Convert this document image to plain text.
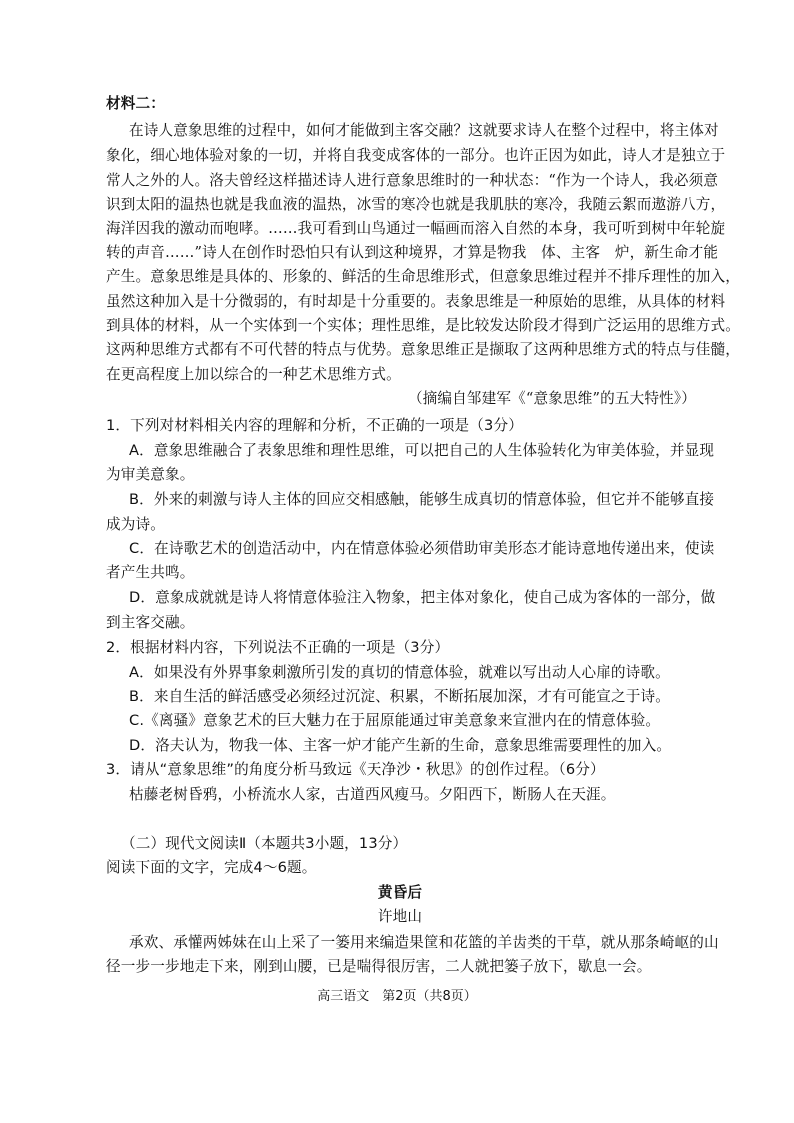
材料二：
在诗人意象思维的过程中，如何才能做到主客交融？这就要求诗人在整个过程中，将主体对
象化，细心地体验对象的一切，并将自我变成客体的一部分。也许正因为如此，诗人才是独立于
常人之外的人。洛夫曾经这样描述诗人进行意象思维时的一种状态：“作为一个诗人，我必须意
识到太阳的温热也就是我血液的温热，冰雪的寒冷也就是我肌肤的寒冷，我随云絮而遨游八方，
海洋因我的激动而咆哮。……我可看到山鸟通过一幅画而溶入自然的本身，我可听到树中年轮旋
转的声音……”诗人在创作时恐怕只有认到这种境界，才算是物我　体、主客　炉，新生命才能
产生。意象思维是具体的、形象的、鲜活的生命思维形式，但意象思维过程并不排斥理性的加入，
虽然这种加入是十分微弱的，有时却是十分重要的。表象思维是一种原始的思维，从具体的材料
到具体的材料，从一个实体到一个实体；理性思维，是比较发达阶段才得到广泛运用的思维方式。
这两种思维方式都有不可代替的特点与优势。意象思维正是撷取了这两种思维方式的特点与佳髓，
在更高程度上加以综合的一种艺术思维方式。
（摘编自邹建军《“意象思维”的五大特性》）
1．下列对材料相关内容的理解和分析，不正确的一项是（3分）
A．意象思维融合了表象思维和理性思维，可以把自己的人生体验转化为审美体验，并显现
为审美意象。
B．外来的刺激与诗人主体的回应交相感触，能够生成真切的情意体验，但它并不能够直接
成为诗。
C．在诗歌艺术的创造活动中，内在情意体验必须借助审美形态才能诗意地传递出来，使读
者产生共鸣。
D．意象成就就是诗人将情意体验注入物象，把主体对象化，使自己成为客体的一部分，做
到主客交融。
2．根据材料内容，下列说法不正确的一项是（3分）
A．如果没有外界事象刺激所引发的真切的情意体验，就难以写出动人心扉的诗歌。
B．来自生活的鲜活感受必须经过沉淀、积累，不断拓展加深，才有可能宣之于诗。
C.《离骚》意象艺术的巨大魅力在于屈原能通过审美意象来宣泄内在的情意体验。
D．洛夫认为，物我一体、主客一炉才能产生新的生命，意象思维需要理性的加入。
3．请从“意象思维”的角度分析马致远《天净沙・秋思》的创作过程。（6分）
枯藤老树昏鸦，小桥流水人家，古道西风瘦马。夕阳西下，断肠人在天涯。
（二）现代文阅读Ⅱ（本题共3小题，13分）
阅读下面的文字，完成4～6题。
黄昏后
许地山
承欢、承懽两姊妹在山上采了一篓用来编造果筐和花篮的羊齿类的干草，就从那条崎岖的山
径一步一步地走下来，刚到山腰，已是喘得很厉害，二人就把篓子放下，歇息一会。
高三语文　第2页（共8页）
